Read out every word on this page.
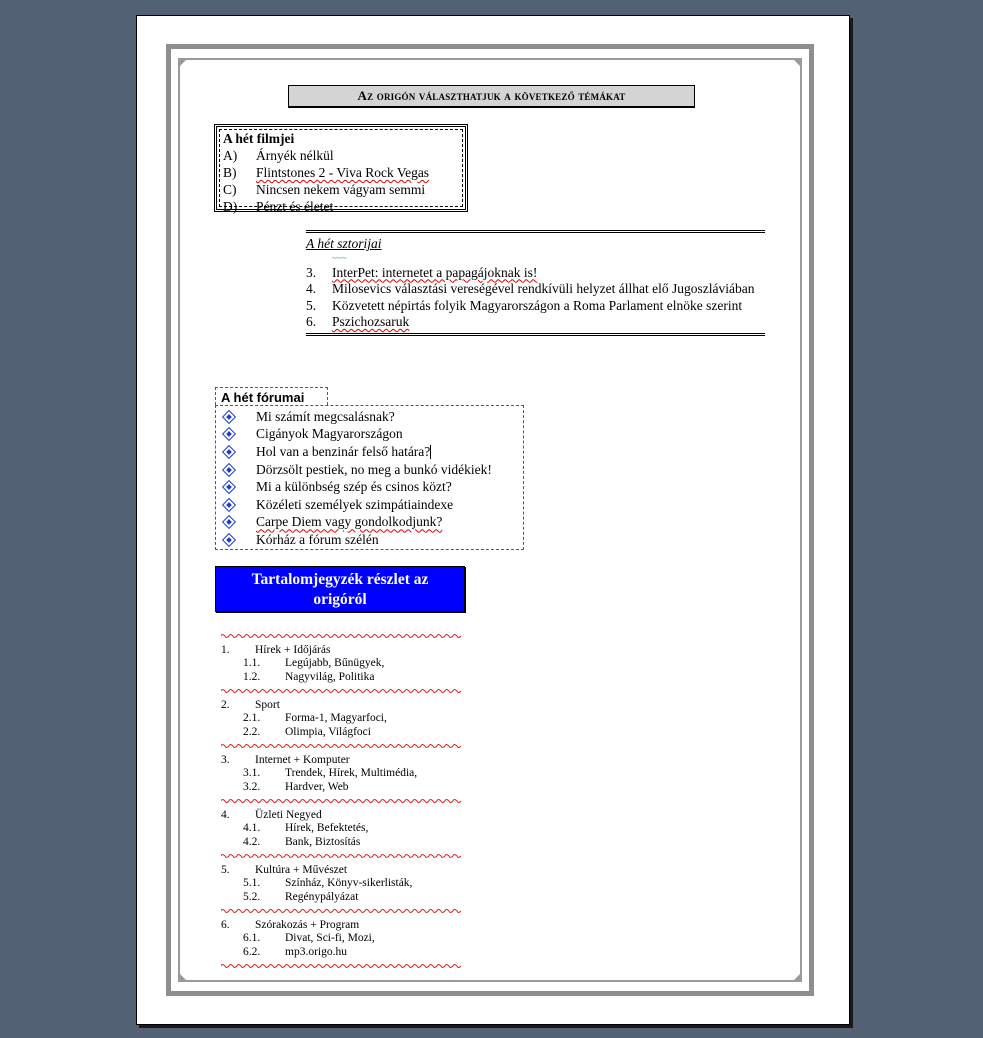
Az origón választhatjuk a következő témákat
A hét filmjei
A)	Árnyék nélkül
B)	Flintstones 2 - Viva Rock Vegas
C)	Nincsen nekem vágyam semmi
D)	Pénzt és életet
A hét sztorijai
~~~
3.	InterPet: internetet a papagájoknak is!
4.	Milosevics választási vereségével rendkívüli helyzet állhat elő Jugoszláviában
5.	Közvetett népirtás folyik Magyarországon a Roma Parlament elnöke szerint
6.	Pszichozsaruk
A hét fórumai
Mi számít megcsalásnak?
Cigányok Magyarországon
Hol van a benzinár felső határa?
Dörzsölt pestiek, no meg a bunkó vidékiek!
Mi a különbség szép és csinos közt?
Közéleti személyek szimpátiaindexe
Carpe Diem vagy gondolkodjunk?
Kórház a fórum szélén
Tartalomjegyzék részlet az
origóról
1.	Hírek + Időjárás
1.1.	Legújabb, Bűnügyek,
1.2.	Nagyvilág, Politika
2.	Sport
2.1.	Forma-1, Magyarfoci,
2.2.	Olimpia, Világfoci
3.	Internet + Komputer
3.1.	Trendek, Hírek, Multimédia,
3.2.	Hardver, Web
4.	Üzleti Negyed
4.1.	Hírek, Befektetés,
4.2.	Bank, Biztosítás
5.	Kultúra + Művészet
5.1.	Színház, Könyv-sikerlisták,
5.2.	Regénypályázat
6.	Szórakozás + Program
6.1.	Divat, Sci-fi, Mozi,
6.2.	mp3.origo.hu
